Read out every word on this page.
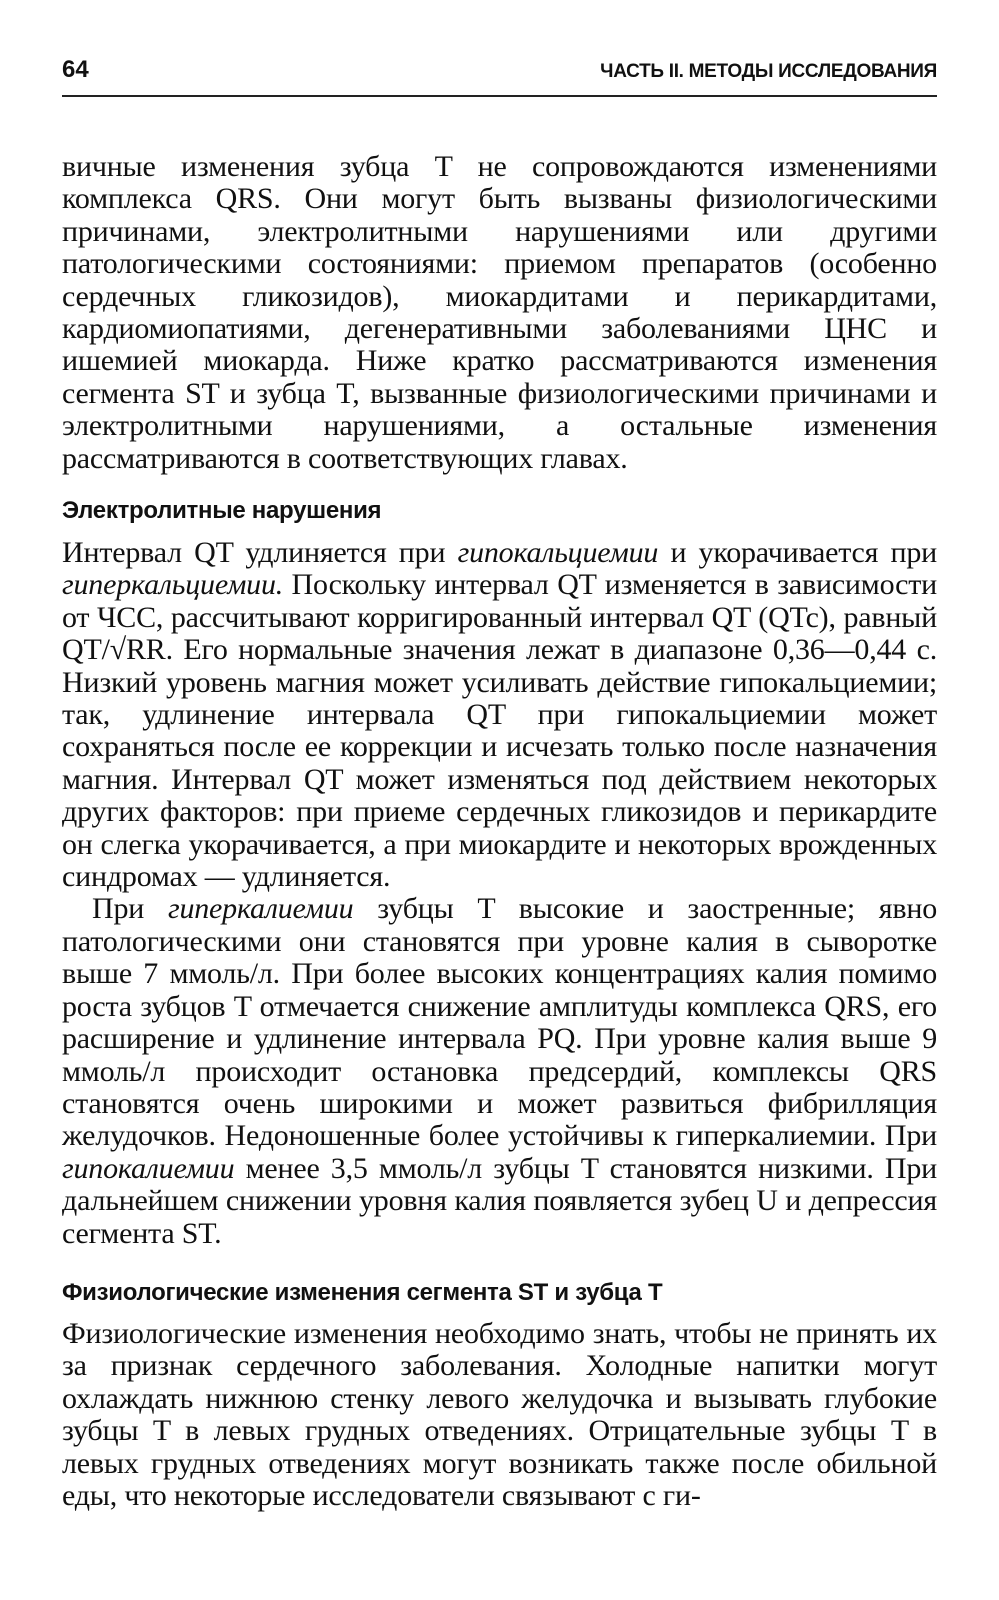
64	ЧАСТЬ II. МЕТОДЫ ИССЛЕДОВАНИЯ

вичные изменения зубца T не сопровождаются изменениями комплекса QRS. Они могут быть вызваны физиологическими причинами, электролитными нарушениями или другими патологическими состояниями: приемом препаратов (особенно сердечных гликозидов), миокардитами и перикардитами, кардиомиопатиями, дегенеративными заболеваниями ЦНС и ишемией миокарда. Ниже кратко рассматриваются изменения сегмента ST и зубца T, вызванные физиологическими причинами и электролитными нарушениями, а остальные изменения рассматриваются в соответствующих главах.

Электролитные нарушения

Интервал QT удлиняется при гипокальциемии и укорачивается при гиперкальциемии. Поскольку интервал QT изменяется в зависимости от ЧСС, рассчитывают корригированный интервал QT (QTc), равный QT/√RR. Его нормальные значения лежат в диапазоне 0,36—0,44 с. Низкий уровень магния может усиливать действие гипокальциемии; так, удлинение интервала QT при гипокальциемии может сохраняться после ее коррекции и исчезать только после назначения магния. Интервал QT может изменяться под действием некоторых других факторов: при приеме сердечных гликозидов и перикардите он слегка укорачивается, а при миокардите и некоторых врожденных синдромах — удлиняется.

При гиперкалиемии зубцы T высокие и заостренные; явно патологическими они становятся при уровне калия в сыворотке выше 7 ммоль/л. При более высоких концентрациях калия помимо роста зубцов T отмечается снижение амплитуды комплекса QRS, его расширение и удлинение интервала PQ. При уровне калия выше 9 ммоль/л происходит остановка предсердий, комплексы QRS становятся очень широкими и может развиться фибрилляция желудочков. Недоношенные более устойчивы к гиперкалиемии. При гипокалиемии менее 3,5 ммоль/л зубцы T становятся низкими. При дальнейшем снижении уровня калия появляется зубец U и депрессия сегмента ST.

Физиологические изменения сегмента ST и зубца T

Физиологические изменения необходимо знать, чтобы не принять их за признак сердечного заболевания. Холодные напитки могут охлаждать нижнюю стенку левого желудочка и вызывать глубокие зубцы T в левых грудных отведениях. Отрицательные зубцы T в левых грудных отведениях могут возникать также после обильной еды, что некоторые исследователи связывают с ги-
